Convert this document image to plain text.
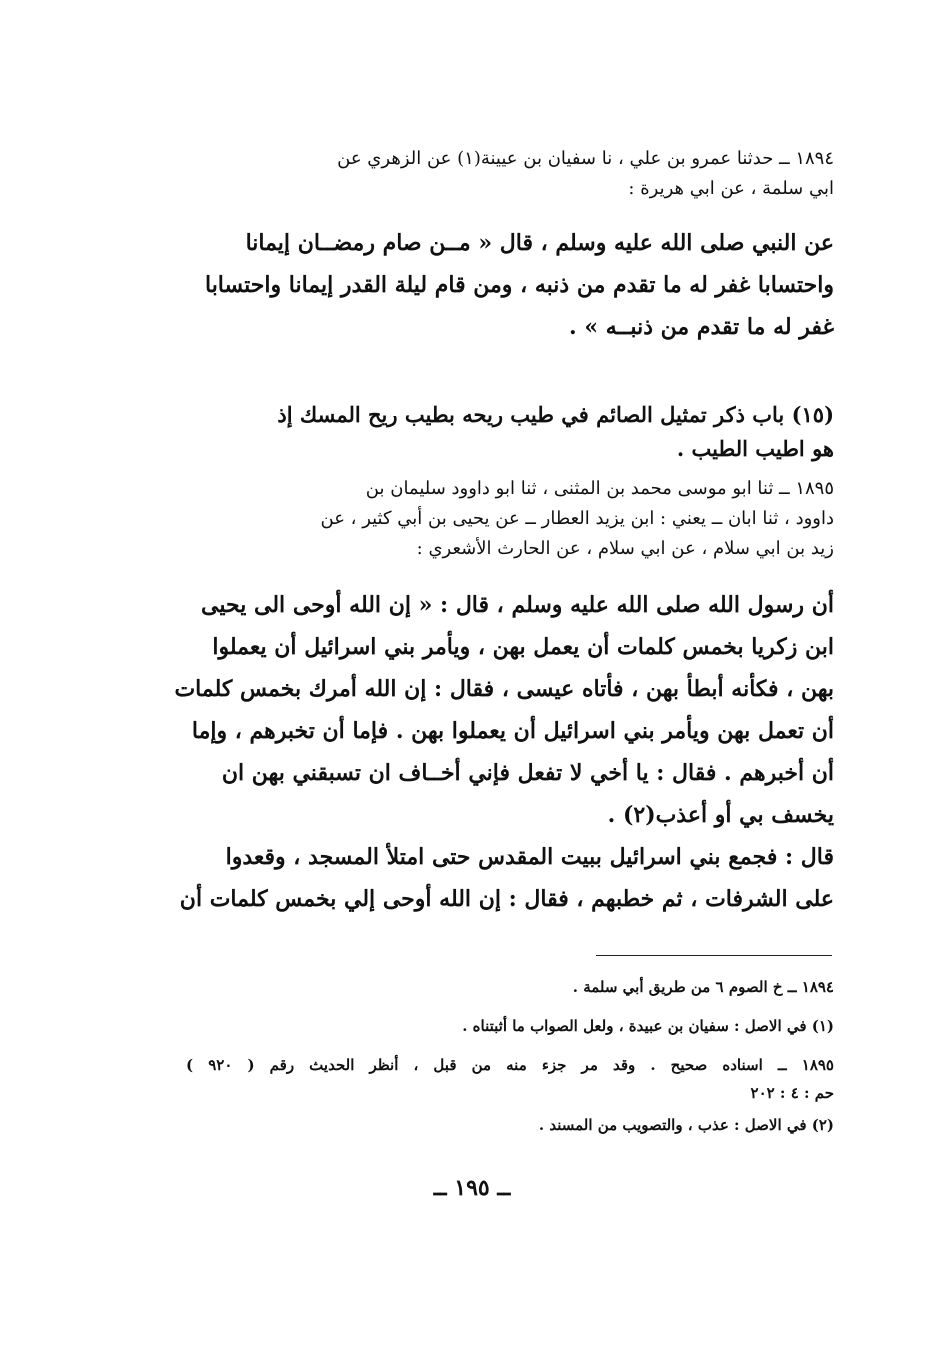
١٨٩٤ ــ حدثنا عمرو بن علي ، نا سفيان بن عيينة(١) عن الزهري عن
ابي سلمة ، عن ابي هريرة :
عن النبي صلى الله عليه وسلم ، قال « مــن صام رمضــان إيمانا
واحتسابا غفر له ما تقدم من ذنبه ، ومن قام ليلة القدر إيمانا واحتسابا
غفر له ما تقدم من ذنبــه » .
(١٥) باب ذكر تمثيل الصائم في طيب ريحه بطيب ريح المسك إذ
هو اطيب الطيب .
١٨٩٥ ــ ثنا ابو موسى محمد بن المثنى ، ثنا ابو داوود سليمان بن
داوود ، ثنا ابان ــ يعني : ابن يزيد العطار ــ عن يحيى بن أبي كثير ، عن
زيد بن ابي سلام ، عن ابي سلام ، عن الحارث الأشعري :
أن رسول الله صلى الله عليه وسلم ، قال : « إن الله أوحى الى يحيى
ابن زكريا بخمس كلمات أن يعمل بهن ، ويأمر بني اسرائيل أن يعملوا
بهن ، فكأنه أبطأ بهن ، فأتاه عيسى ، فقال : إن الله أمرك بخمس كلمات
أن تعمل بهن ويأمر بني اسرائيل أن يعملوا بهن . فإما أن تخبرهم ، وإما
أن أخبرهم . فقال : يا أخي لا تفعل فإني أخــاف ان تسبقني بهن ان
يخسف بي أو أعذب(٢) .
قال : فجمع بني اسرائيل ببيت المقدس حتى امتلأ المسجد ، وقعدوا
على الشرفات ، ثم خطبهم ، فقال : إن الله أوحى إلي بخمس كلمات أن
١٨٩٤ ــ خ الصوم ٦ من طريق أبي سلمة .
(١) في الاصل : سفيان بن عبيدة ، ولعل الصواب ما أثبتناه .
١٨٩٥ ــ اسناده صحيح . وقد مر جزء منه من قبل ، أنظر الحديث رقم ( ٩٢٠ )
حم : ٤ : ٢٠٢
(٢) في الاصل : عذب ، والتصويب من المسند .
ــ ١٩٥ ــ
